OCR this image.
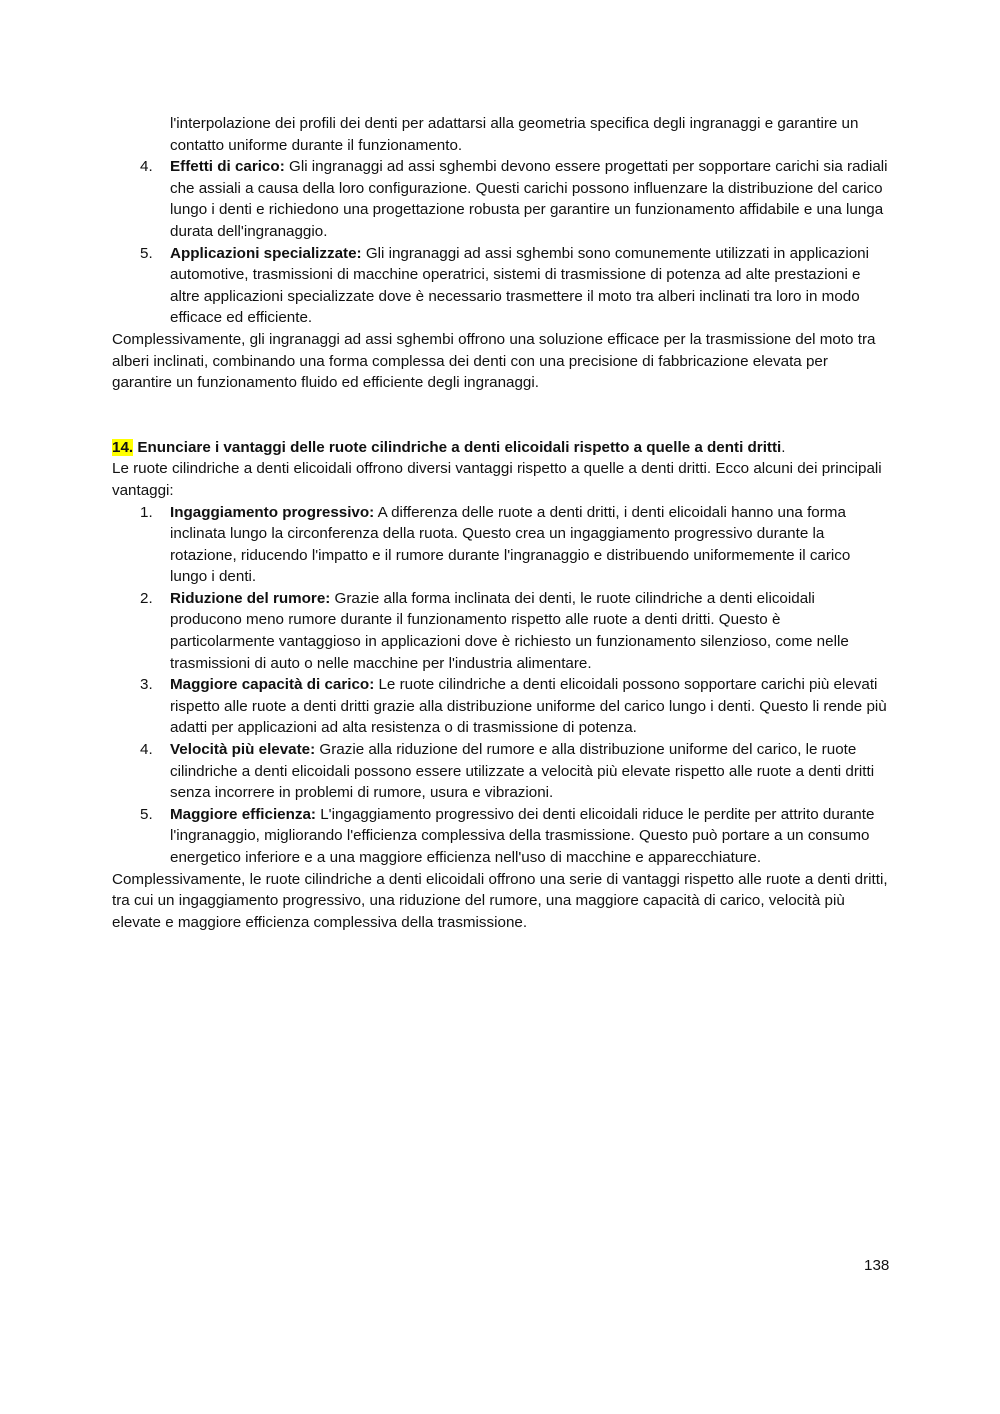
l'interpolazione dei profili dei denti per adattarsi alla geometria specifica degli ingranaggi e garantire un contatto uniforme durante il funzionamento.
4. Effetti di carico: Gli ingranaggi ad assi sghembi devono essere progettati per sopportare carichi sia radiali che assiali a causa della loro configurazione. Questi carichi possono influenzare la distribuzione del carico lungo i denti e richiedono una progettazione robusta per garantire un funzionamento affidabile e una lunga durata dell'ingranaggio.
5. Applicazioni specializzate: Gli ingranaggi ad assi sghembi sono comunemente utilizzati in applicazioni automotive, trasmissioni di macchine operatrici, sistemi di trasmissione di potenza ad alte prestazioni e altre applicazioni specializzate dove è necessario trasmettere il moto tra alberi inclinati tra loro in modo efficace ed efficiente.
Complessivamente, gli ingranaggi ad assi sghembi offrono una soluzione efficace per la trasmissione del moto tra alberi inclinati, combinando una forma complessa dei denti con una precisione di fabbricazione elevata per garantire un funzionamento fluido ed efficiente degli ingranaggi.
14. Enunciare i vantaggi delle ruote cilindriche a denti elicoidali rispetto a quelle a denti dritti.
Le ruote cilindriche a denti elicoidali offrono diversi vantaggi rispetto a quelle a denti dritti. Ecco alcuni dei principali vantaggi:
1. Ingaggiamento progressivo: A differenza delle ruote a denti dritti, i denti elicoidali hanno una forma inclinata lungo la circonferenza della ruota. Questo crea un ingaggiamento progressivo durante la rotazione, riducendo l'impatto e il rumore durante l'ingranaggio e distribuendo uniformemente il carico lungo i denti.
2. Riduzione del rumore: Grazie alla forma inclinata dei denti, le ruote cilindriche a denti elicoidali producono meno rumore durante il funzionamento rispetto alle ruote a denti dritti. Questo è particolarmente vantaggioso in applicazioni dove è richiesto un funzionamento silenzioso, come nelle trasmissioni di auto o nelle macchine per l'industria alimentare.
3. Maggiore capacità di carico: Le ruote cilindriche a denti elicoidali possono sopportare carichi più elevati rispetto alle ruote a denti dritti grazie alla distribuzione uniforme del carico lungo i denti. Questo li rende più adatti per applicazioni ad alta resistenza o di trasmissione di potenza.
4. Velocità più elevate: Grazie alla riduzione del rumore e alla distribuzione uniforme del carico, le ruote cilindriche a denti elicoidali possono essere utilizzate a velocità più elevate rispetto alle ruote a denti dritti senza incorrere in problemi di rumore, usura e vibrazioni.
5. Maggiore efficienza: L'ingaggiamento progressivo dei denti elicoidali riduce le perdite per attrito durante l'ingranaggio, migliorando l'efficienza complessiva della trasmissione. Questo può portare a un consumo energetico inferiore e a una maggiore efficienza nell'uso di macchine e apparecchiature.
Complessivamente, le ruote cilindriche a denti elicoidali offrono una serie di vantaggi rispetto alle ruote a denti dritti, tra cui un ingaggiamento progressivo, una riduzione del rumore, una maggiore capacità di carico, velocità più elevate e maggiore efficienza complessiva della trasmissione.
138
